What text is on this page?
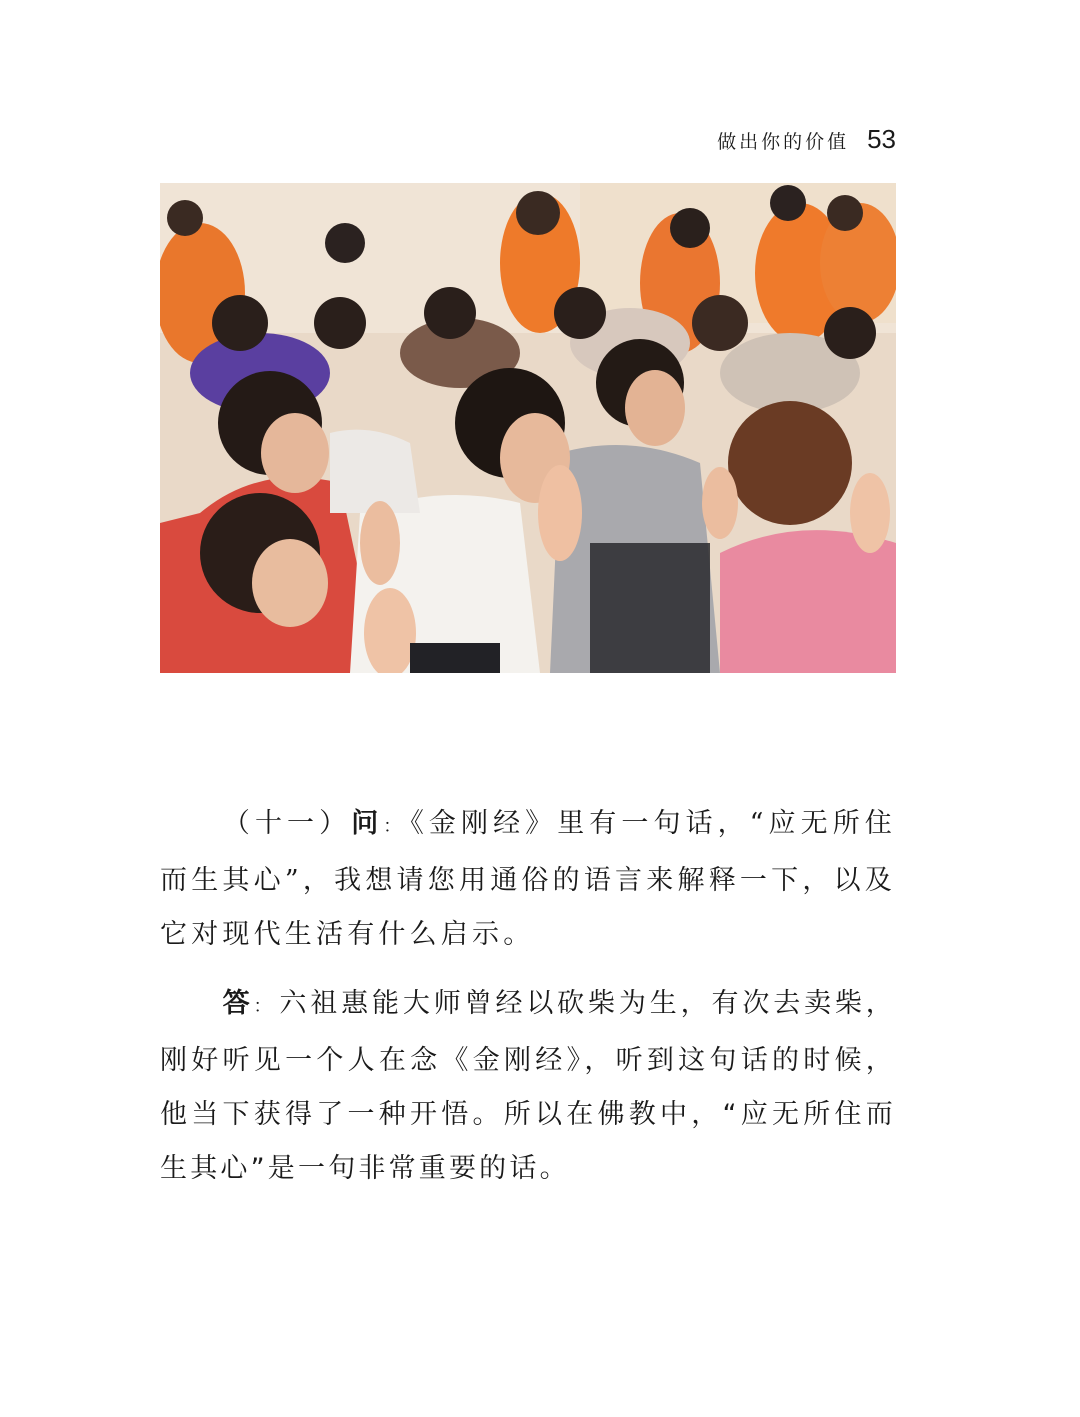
做出你的价值 53

（十一）问： 《金刚经》里有一句话，“应无所住而生其心”，我想请您用通俗的语言来解释一下，以及它对现代生活有什么启示。

答： 六祖惠能大师曾经以砍柴为生，有次去卖柴，刚好听见一个人在念《金刚经》，听到这句话的时候，他当下获得了一种开悟。所以在佛教中，“应无所住而生其心”是一句非常重要的话。
